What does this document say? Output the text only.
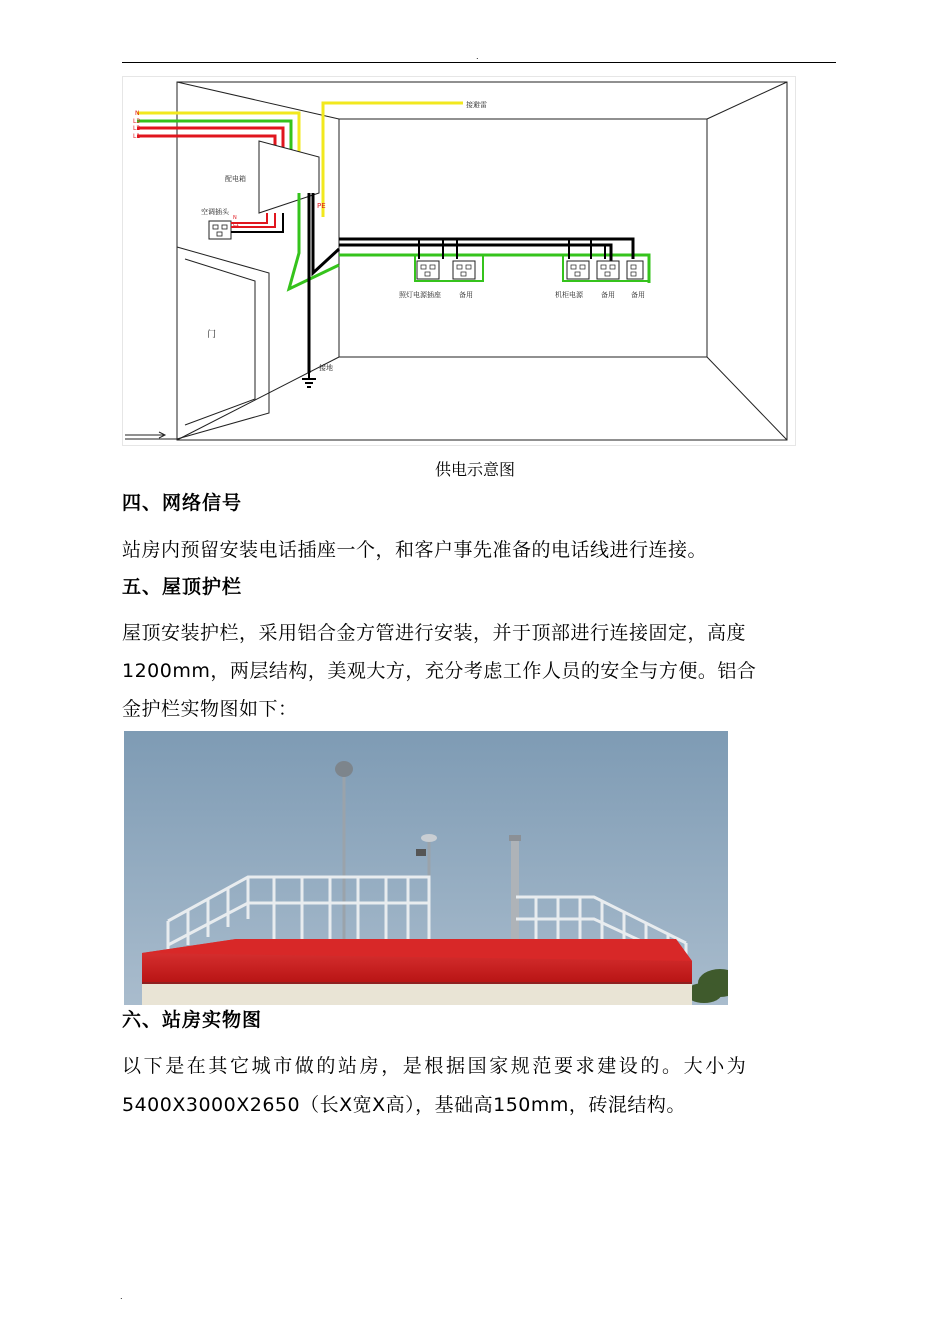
.
门
N
L3
L2
L1
接避雷
配电箱
空调插头
N
L1
PE
接地
照灯电源插座	备用	机柜电源	备用 备用
供电示意图
四、网络信号
站房内预留安装电话插座一个，和客户事先准备的电话线进行连接。
五、屋顶护栏
屋顶安装护栏，采用铝合金方管进行安装，并于顶部进行连接固定，高度
1200mm，两层结构，美观大方，充分考虑工作人员的安全与方便。铝合
金护栏实物图如下：
六、站房实物图
以下是在其它城市做的站房，是根据国家规范要求建设的。大小为
5400X3000X2650（长X宽X高），基础高150mm，砖混结构。
.
